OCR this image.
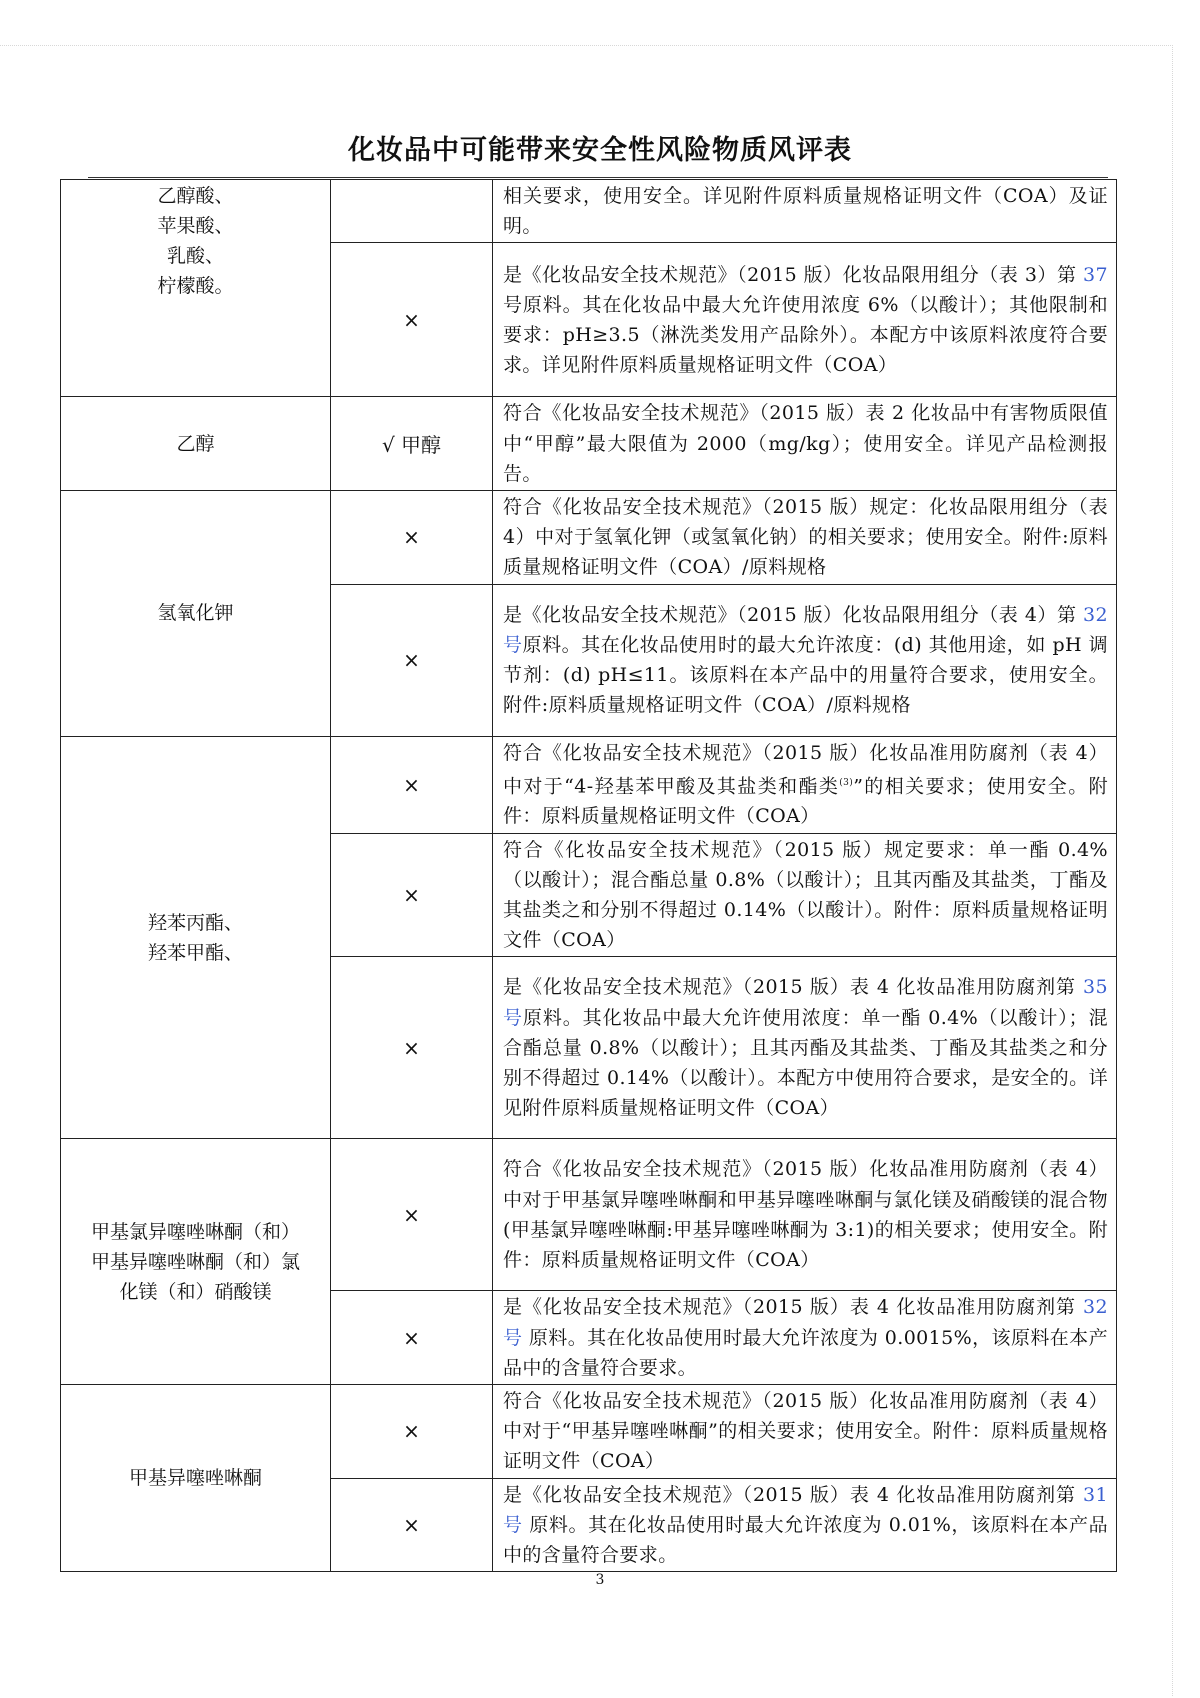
化妆品中可能带来安全性风险物质风评表
乙醇酸、
苹果酸、
乳酸、
柠檬酸。		相关要求，使用安全。详见附件原料质量规格证明文件（COA）及证明。
	×	是《化妆品安全技术规范》（2015 版）化妆品限用组分（表 3）第 37 号原料。其在化妆品中最大允许使用浓度 6%（以酸计）；其他限制和要求：pH≥3.5（淋洗类发用产品除外）。本配方中该原料浓度符合要求。详见附件原料质量规格证明文件（COA）

乙醇	√ 甲醇	符合《化妆品安全技术规范》（2015 版）表 2 化妆品中有害物质限值中“甲醇”最大限值为 2000（mg/kg）；使用安全。详见产品检测报告。

氢氧化钾	×	符合《化妆品安全技术规范》（2015 版）规定：化妆品限用组分（表 4）中对于氢氧化钾（或氢氧化钠）的相关要求；使用安全。附件:原料质量规格证明文件（COA）/原料规格
	×	是《化妆品安全技术规范》（2015 版）化妆品限用组分（表 4）第 32 号原料。其在化妆品使用时的最大允许浓度：(d) 其他用途，如 pH 调节剂：(d) pH≤11。该原料在本产品中的用量符合要求，使用安全。附件:原料质量规格证明文件（COA）/原料规格

羟苯丙酯、
羟苯甲酯、	×	符合《化妆品安全技术规范》（2015 版）化妆品准用防腐剂（表 4）中对于“4-羟基苯甲酸及其盐类和酯类$^{(3)}$”的相关要求；使用安全。附件：原料质量规格证明文件（COA）
	×	符合《化妆品安全技术规范》（2015 版）规定要求：单一酯 0.4%（以酸计）；混合酯总量 0.8%（以酸计）；且其丙酯及其盐类，丁酯及其盐类之和分别不得超过 0.14%（以酸计）。附件：原料质量规格证明文件（COA）
	×	是《化妆品安全技术规范》（2015 版）表 4 化妆品准用防腐剂第 35 号原料。其化妆品中最大允许使用浓度：单一酯 0.4%（以酸计）；混合酯总量 0.8%（以酸计）；且其丙酯及其盐类、丁酯及其盐类之和分别不得超过 0.14%（以酸计）。本配方中使用符合要求，是安全的。详见附件原料质量规格证明文件（COA）

甲基氯异噻唑啉酮（和）
甲基异噻唑啉酮（和）氯
化镁（和）硝酸镁	×	符合《化妆品安全技术规范》（2015 版）化妆品准用防腐剂（表 4）中对于甲基氯异噻唑啉酮和甲基异噻唑啉酮与氯化镁及硝酸镁的混合物(甲基氯异噻唑啉酮:甲基异噻唑啉酮为 3:1)的相关要求；使用安全。附件：原料质量规格证明文件（COA）
	×	是《化妆品安全技术规范》（2015 版）表 4 化妆品准用防腐剂第 32 号 原料。其在化妆品使用时最大允许浓度为 0.0015%，该原料在本产品中的含量符合要求。

甲基异噻唑啉酮	×	符合《化妆品安全技术规范》（2015 版）化妆品准用防腐剂（表 4）中对于“甲基异噻唑啉酮”的相关要求；使用安全。附件：原料质量规格证明文件（COA）
	×	是《化妆品安全技术规范》（2015 版）表 4 化妆品准用防腐剂第 31 号 原料。其在化妆品使用时最大允许浓度为 0.01%，该原料在本产品中的含量符合要求。
3
